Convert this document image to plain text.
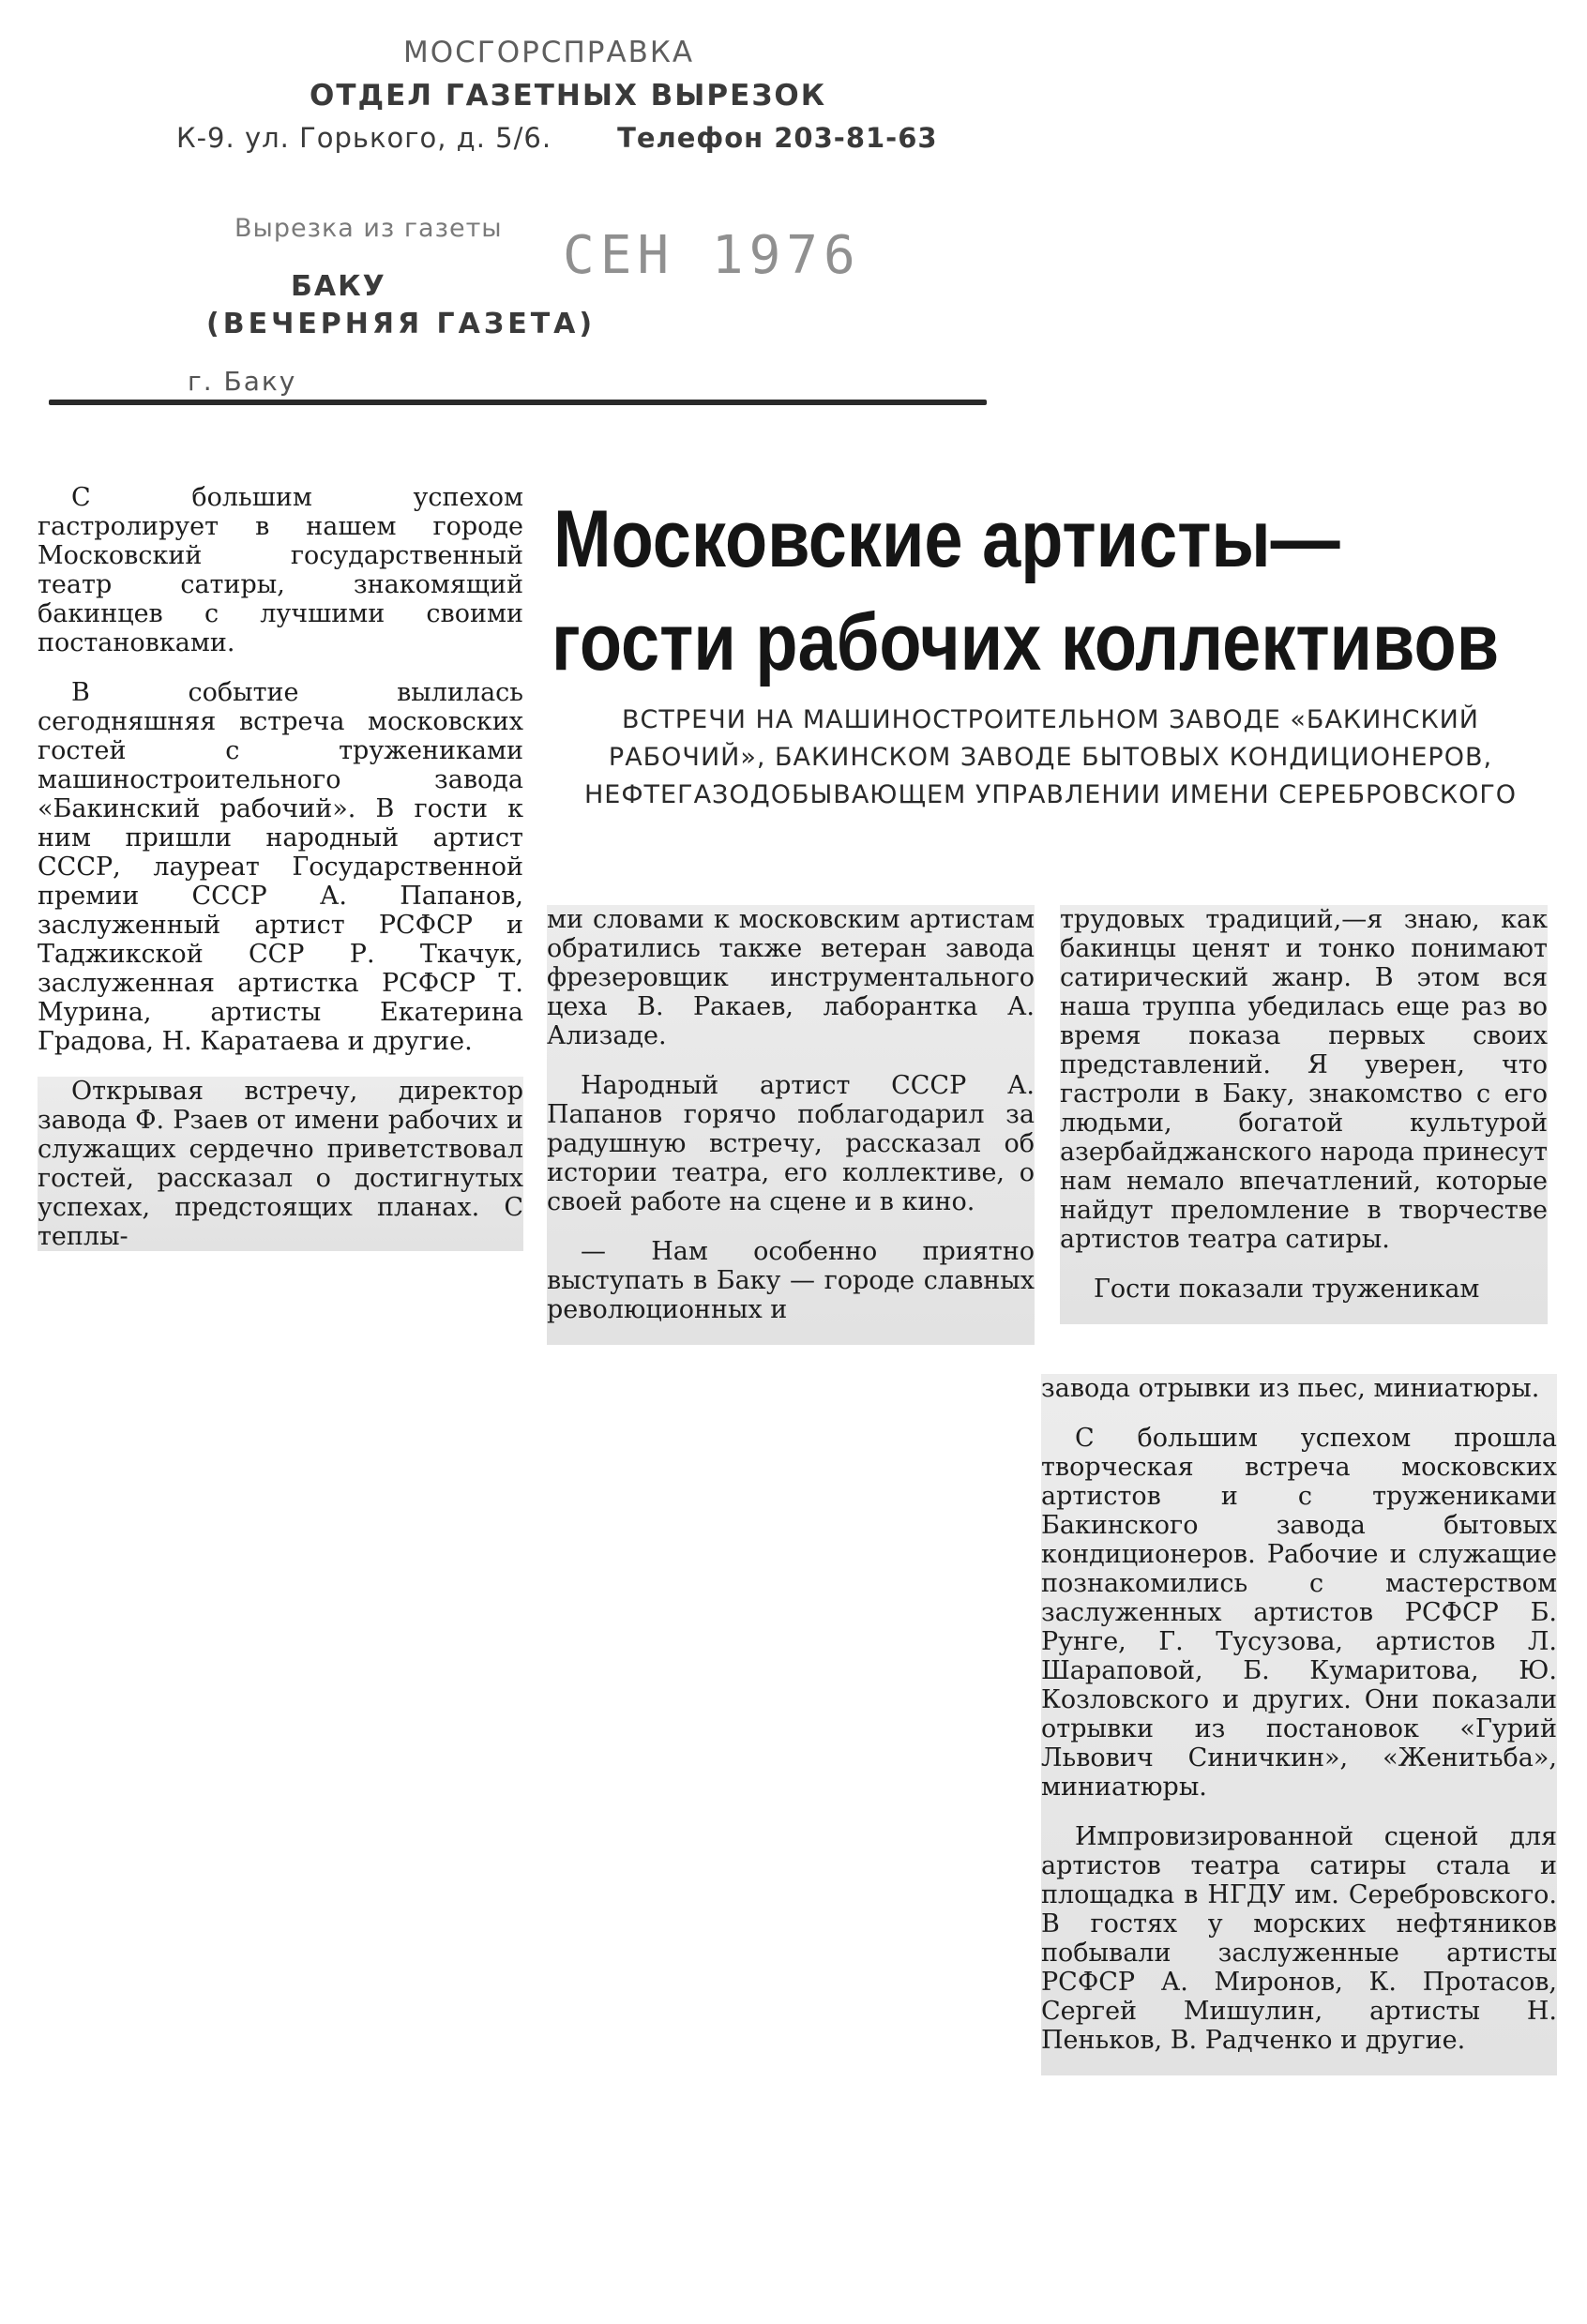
МОСГОРСПРАВКА
ОТДЕЛ ГАЗЕТНЫХ ВЫРЕЗОК
К-9. ул. Горького, д. 5/6. Телефон 203-81-63
Вырезка из газеты СЕН 1976
БАКУ
(ВЕЧЕРНЯЯ ГАЗЕТА)
г. Баку
Московские артисты—
гости рабочих коллективов
ВСТРЕЧИ НА МАШИНОСТРОИТЕЛЬНОМ ЗАВОДЕ «БАКИНСКИЙ РАБОЧИЙ», БАКИНСКОМ ЗАВОДЕ БЫТОВЫХ КОНДИЦИОНЕРОВ, НЕФТЕГАЗОДОБЫВАЮЩЕМ УПРАВЛЕНИИ ИМЕНИ СЕРЕБРОВСКОГО

С большим успехом гастролирует в нашем городе Московский государственный театр сатиры, знакомящий бакинцев с лучшими своими постановками.

В событие вылилась сегодняшняя встреча московских гостей с тружениками машиностроительного завода «Бакинский рабочий». В гости к ним пришли народный артист СССР, лауреат Государственной премии СССР А. Папанов, заслуженный артист РСФСР и Таджикской ССР Р. Ткачук, заслуженная артистка РСФСР Т. Мурина, артисты Екатерина Градова, Н. Каратаева и другие.

Открывая встречу, директор завода Ф. Рзаев от имени рабочих и служащих сердечно приветствовал гостей, рассказал о достигнутых успехах, предстоящих планах. С теплы-

ми словами к московским артистам обратились также ветеран завода фрезеровщик инструментального цеха В. Ракаев, лаборантка А. Ализаде.

Народный артист СССР А. Папанов горячо поблагодарил за радушную встречу, рассказал об истории театра, его коллективе, о своей работе на сцене и в кино.

— Нам особенно приятно выступать в Баку — городе славных революционных и

трудовых традиций,—я знаю, как бакинцы ценят и тонко понимают сатирический жанр. В этом вся наша труппа убедилась еще раз во время показа первых своих представлений. Я уверен, что гастроли в Баку, знакомство с его людьми, богатой культурой азербайджанского народа принесут нам немало впечатлений, которые найдут преломление в творчестве артистов театра сатиры.

Гости показали труженикам

завода отрывки из пьес, миниатюры.

С большим успехом прошла творческая встреча московских артистов и с тружениками Бакинского завода бытовых кондиционеров. Рабочие и служащие познакомились с мастерством заслуженных артистов РСФСР Б. Рунге, Г. Тусузова, артистов Л. Шараповой, Б. Кумаритова, Ю. Козловского и других. Они показали отрывки из постановок «Гурий Львович Синичкин», «Женитьба», миниатюры.

Импровизированной сценой для артистов театра сатиры стала и площадка в НГДУ им. Серебровского. В гостях у морских нефтяников побывали заслуженные артисты РСФСР А. Миронов, К. Протасов, Сергей Мишулин, артисты Н. Пеньков, В. Радченко и другие.
